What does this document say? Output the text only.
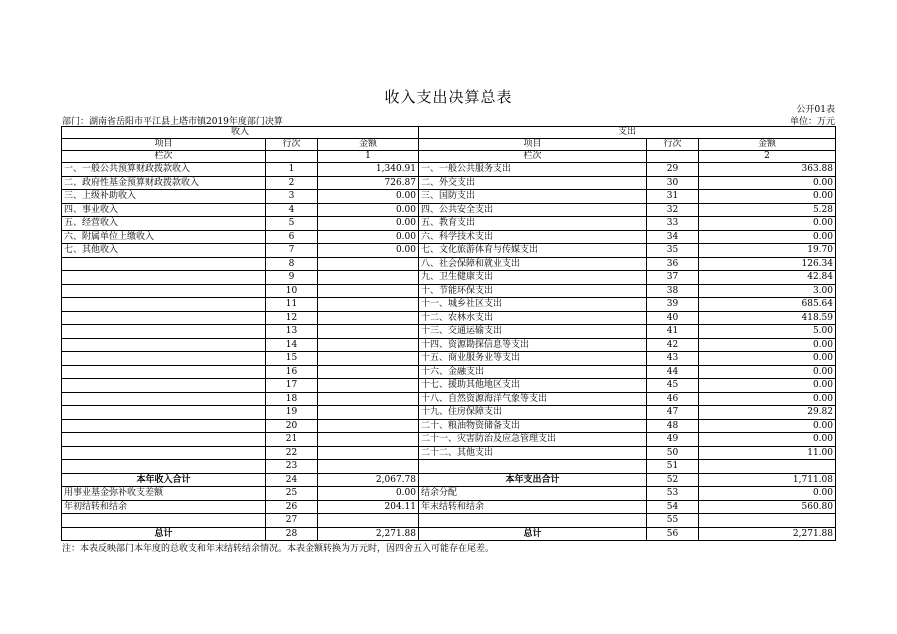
收入支出决算总表
公开01表
部门：湖南省岳阳市平江县上塔市镇2019年度部门决算	单位：万元
收入			支出		
项目	行次	金额	项目	行次	金额
栏次		1	栏次		2
一、一般公共预算财政拨款收入	1	1,340.91	一、一般公共服务支出	29	363.88
二、政府性基金预算财政拨款收入	2	726.87	二、外交支出	30	0.00
三、上级补助收入	3	0.00	三、国防支出	31	0.00
四、事业收入	4	0.00	四、公共安全支出	32	5.28
五、经营收入	5	0.00	五、教育支出	33	0.00
六、附属单位上缴收入	6	0.00	六、科学技术支出	34	0.00
七、其他收入	7	0.00	七、文化旅游体育与传媒支出	35	19.70
	8		八、社会保障和就业支出	36	126.34
	9		九、卫生健康支出	37	42.84
	10		十、节能环保支出	38	3.00
	11		十一、城乡社区支出	39	685.64
	12		十二、农林水支出	40	418.59
	13		十三、交通运输支出	41	5.00
	14		十四、资源勘探信息等支出	42	0.00
	15		十五、商业服务业等支出	43	0.00
	16		十六、金融支出	44	0.00
	17		十七、援助其他地区支出	45	0.00
	18		十八、自然资源海洋气象等支出	46	0.00
	19		十九、住房保障支出	47	29.82
	20		二十、粮油物资储备支出	48	0.00
	21		二十一、灾害防治及应急管理支出	49	0.00
	22		二十二、其他支出	50	11.00
	23			51	
本年收入合计	24	2,067.78	本年支出合计	52	1,711.08
用事业基金弥补收支差额	25	0.00	结余分配	53	0.00
年初结转和结余	26	204.11	年末结转和结余	54	560.80
	27			55	
总计	28	2,271.88	总计	56	2,271.88
注：本表反映部门本年度的总收支和年末结转结余情况。本表金额转换为万元时，因四舍五入可能存在尾差。
